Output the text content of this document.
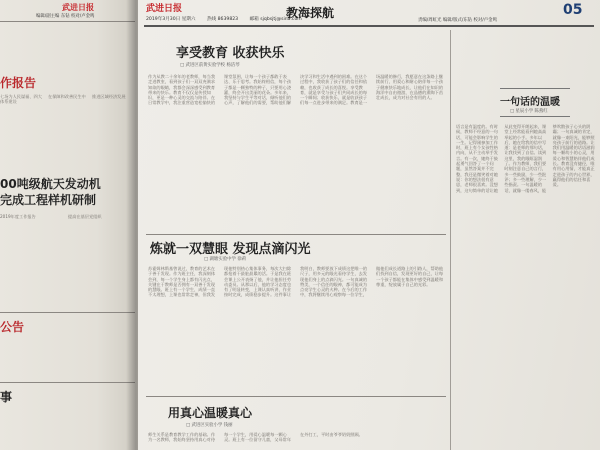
武进日报
编辑/副主编 东钻 校对/卢金鸣
作报告
七场为人民谋福、四大体系建设
在保障和改善民生中	推进区域经济发展
00吨级航天发动机
完成工程样机研制
2019年度工作报告	提高在基层党组织
公告
事
武进日报
2019年3月30日 星期六 热线 8639823 邮箱 sjqbsjtj@sina.com
教海探航
责编/周虹光 编辑/版式/东钻 校对/卢金鸣
05
享受教育 收获快乐
□ 武进区前黄实验学校 杨洁琴
作为从教二十余年的老教师，每当我走进教室，看到孩子们一双双充满求知欲的眼睛，我都会深深感受到教育带来的快乐。教育不仅仅是传授知识，更是一种心灵的交流与陪伴。在日常教学中，我注重营造宽松愉快的课堂氛围，让每一个孩子都敢于表达、乐于思考。我始终相信，每个孩子都是一颗独特的种子，只要用心浇灌，终会开出美丽的花朵。多年来，我坚持与学生平等对话，倾听他们的心声，了解他们的需要，帮助他们解决学习和生活中遇到的困难。在这个过程中，我收获了孩子们的信任和依赖，也收获了成长的喜悦。享受教育，就是享受与孩子们共同成长的每一个瞬间；收获快乐，就是收获孩子们每一点进步带来的满足。教育是一场温暖的修行，我愿意在这条路上继续前行，用爱心和耐心陪伴每一个孩子健康快乐地成长，让他们在知识的海洋中自由遨游，在品德的熏陶下茁壮成长，成为对社会有用的人。
炼就一双慧眼 发现点滴闪光
□ 湖塘实验中学 徐莉
苏霍姆林斯基曾说过，教育的艺术在于善于发现。作为班主任，我深刻体会到，每一个学生身上都有闪光点，关键在于教师是否拥有一双善于发现的慧眼。班上有一个学生，成绩一直不太理想，上课也常常走神，但我发现他特别热心集体事务，每次大扫除都抢着干最脏最累的活。于是我在班会课上公开表扬了他，并让他担任劳动委员。从那以后，他的学习态度也有了明显转变，上课认真听讲，作业按时完成，成绩稳步提升。这件事让我明白，教师要放下成绩这把唯一的尺子，用多元的眼光看待学生，去发现他们身上的点滴闪光。一句真诚的赞美，一个信任的眼神，都可能成为点亮学生心灵的火种。在今后的工作中，我将继续用心观察每一位学生，做他们成长道路上的引路人，帮助他们找到自信，发现更好的自己，让每一个孩子都能在集体中感受到温暖和尊重，绽放属于自己的光彩。
用真心温暖真心
□ 武进区实验小学 钱丽
师生关系是教育教学工作的基础。作为一名教师，我始终坚持用真心对待每一个学生，用爱心温暖每一颗心灵。班上有一位留守儿童，父母常年在外打工，平时由爷爷奶奶照顾。
一句话的温暖
□ 星辰小学 陈燕红
语言是有温度的。有时候，教师不经意的一句话，可能会影响学生的一生。记得刚参加工作时，班上有个女孩性格内向，从不主动举手发言。有一次，她终于鼓起勇气回答了一个问题，虽然答案并不完整，我还是微笑着对她说：你的想法很有意思，老师很喜欢。没想到，这句简单的话让她从此变得开朗起来，课堂上经常能看到她高高举起的小手。多年以后，她在给我的信中写道：是老师的那句话，让我找到了自信。读到这里，我的眼眶湿润了。作为教师，我们要时刻注意自己的言行，多一些鼓励，少一些批评；多一些理解，少一些指责。一句温暖的话，就像一缕春风，能够吹散孩子心头的阴霾；一句真诚的肯定，就像一束阳光，能够照亮孩子前行的道路。让我们用温暖的话语滋润每一颗幼小的心灵，用爱心和智慧陪伴他们成长。教育没有捷径，唯有用心用情，才能真正走进孩子的内心世界，赢得他们的信任和喜爱。
